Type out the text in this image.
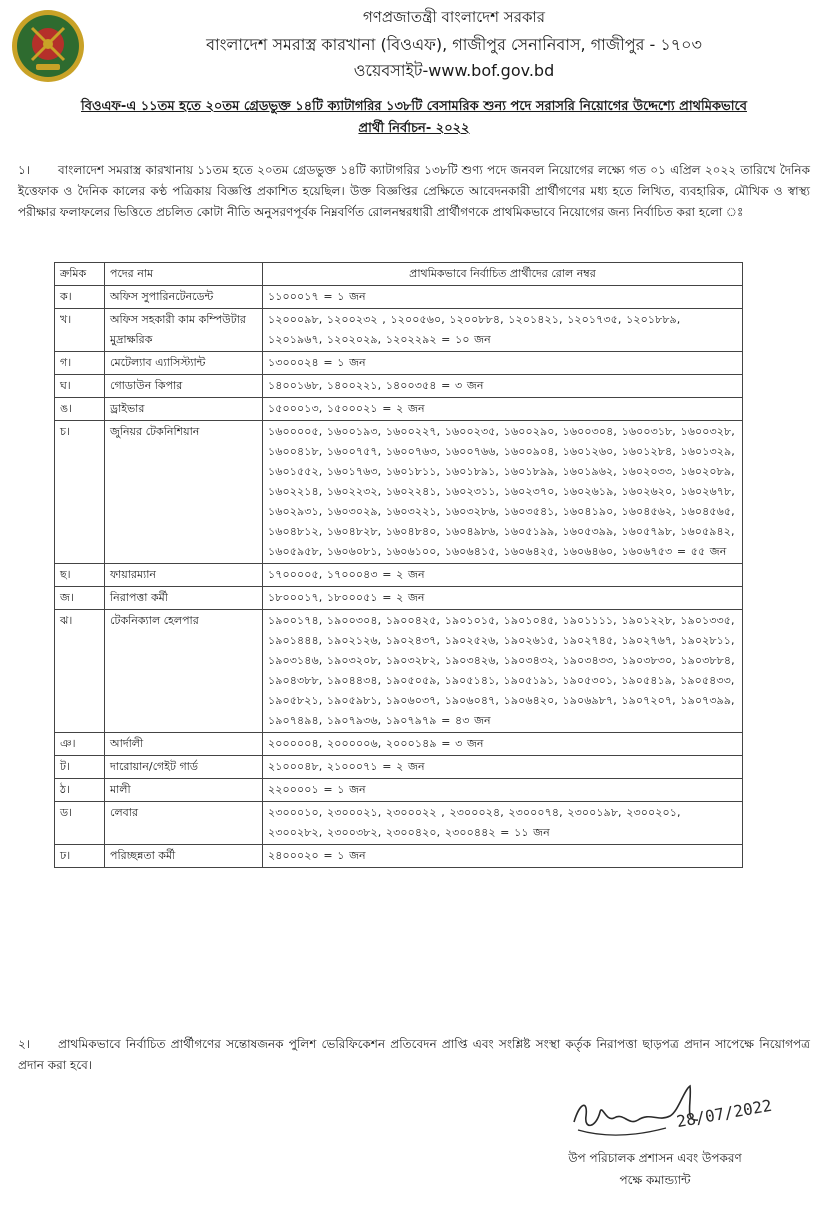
গণপ্রজাতন্ত্রী বাংলাদেশ সরকার
বাংলাদেশ সমরাস্ত্র কারখানা (বিওএফ), গাজীপুর সেনানিবাস, গাজীপুর - ১৭০৩
ওয়েবসাইট-www.bof.gov.bd
বিওএফ-এ ১১তম হতে ২০তম গ্রেডভুক্ত ১৪টি ক্যাটাগরির ১৩৮টি বেসামরিক শুন্য পদে সরাসরি নিয়োগের উদ্দেশ্যে প্রাথমিকভাবে
প্রার্থী নির্বাচন- ২০২২
১। বাংলাদেশ সমরাস্ত্র কারখানায় ১১তম হতে ২০তম গ্রেডভুক্ত ১৪টি ক্যাটাগরির ১৩৮টি শুণ্য পদে জনবল নিয়োগের লক্ষ্যে গত ০১ এপ্রিল ২০২২ তারিখে দৈনিক ইত্তেফাক ও দৈনিক কালের কণ্ঠ পত্রিকায় বিজ্ঞপ্তি প্রকাশিত হয়েছিল। উক্ত বিজ্ঞপ্তির প্রেক্ষিতে আবেদনকারী প্রার্থীগণের মধ্য হতে লিখিত, ব্যবহারিক, মৌখিক ও স্বাস্থ্য পরীক্ষার ফলাফলের ভিত্তিতে প্রচলিত কোটা নীতি অনুসরণপূর্বক নিম্নবর্ণিত রোলনম্বরধারী প্রার্থীগণকে প্রাথমিকভাবে নিয়োগের জন্য নির্বাচিত করা হলো ঃ
ক্রমিক	পদের নাম	প্রাথমিকভাবে নির্বাচিত প্রার্থীদের রোল নম্বর
ক।	অফিস সুপারিনটেনডেন্ট	১১০০০১৭ = ১ জন
খ।	অফিস সহকারী কাম কম্পিউটার মুদ্রাক্ষরিক	১২০০০৯৮, ১২০০২৩২ , ১২০০৫৬০, ১২০০৮৮৪, ১২০১৪২১, ১২০১৭৩৫, ১২০১৮৮৯, ১২০১৯৬৭, ১২০২০২৯, ১২০২২৯২ = ১০ জন
গ।	মেটেল্যাব এ্যাসিস্ট্যান্ট	১৩০০০২৪ = ১ জন
ঘ।	গোডাউন কিপার	১৪০০১৬৮, ১৪০০২২১, ১৪০০৩৫৪ = ৩ জন
ঙ।	ড্রাইভার	১৫০০০১৩, ১৫০০০২১ = ২ জন
চ।	জুনিয়র টেকনিশিয়ান	১৬০০০০৫, ১৬০০১৯৩, ১৬০০২২৭, ১৬০০২৩৫, ১৬০০২৯০, ১৬০০৩০৪, ১৬০০৩১৮, ১৬০০৩২৮, ১৬০০৪১৮, ১৬০০৭৫৭, ১৬০০৭৬৩, ১৬০০৭৬৬, ১৬০০৯০৪, ১৬০১২৬০, ১৬০১২৮৪, ১৬০১৩২৯, ১৬০১৫৫২, ১৬০১৭৬৩, ১৬০১৮১১, ১৬০১৮৯১, ১৬০১৮৯৯, ১৬০১৯৬২, ১৬০২০৩৩, ১৬০২০৮৯, ১৬০২২১৪, ১৬০২২৩২, ১৬০২২৪১, ১৬০২৩১১, ১৬০২৩৭০, ১৬০২৬১৯, ১৬০২৬২০, ১৬০২৬৭৮, ১৬০২৯৩১, ১৬০৩০২৯, ১৬০৩২২১, ১৬০৩২৮৬, ১৬০৩৫৪১, ১৬০৪১৯০, ১৬০৪৫৬২, ১৬০৪৫৬৫, ১৬০৪৮১২, ১৬০৪৮২৮, ১৬০৪৮৪০, ১৬০৪৯৮৬, ১৬০৫১৯৯, ১৬০৫৩৯৯, ১৬০৫৭৯৮, ১৬০৫৯৪২, ১৬০৫৯৫৮, ১৬০৬০৮১, ১৬০৬১০০, ১৬০৬৪১৫, ১৬০৬৪২৫, ১৬০৬৪৬০, ১৬০৬৭৫৩ = ৫৫ জন
ছ।	ফায়ারম্যান	১৭০০০০৫, ১৭০০০৪৩ = ২ জন
জ।	নিরাপত্তা কর্মী	১৮০০০১৭, ১৮০০০৫১ = ২ জন
ঝ।	টেকনিক্যাল হেলপার	১৯০০১৭৪, ১৯০০৩০৪, ১৯০০৪২৫, ১৯০১০১৫, ১৯০১০৪৫, ১৯০১১১১, ১৯০১২২৮, ১৯০১৩৩৫, ১৯০১৪৪৪, ১৯০২১২৬, ১৯০২৪৩৭, ১৯০২৫২৬, ১৯০২৬১৫, ১৯০২৭৪৫, ১৯০২৭৬৭, ১৯০২৮১১, ১৯০৩১৪৬, ১৯০৩২০৮, ১৯০৩২৮২, ১৯০৩৪২৬, ১৯০৩৪৩২, ১৯০৩৪৩৩, ১৯০৩৮৩০, ১৯০৩৮৮৪, ১৯০৪৩৮৮, ১৯০৪৪৩৪, ১৯০৫০৫৯, ১৯০৫১৪১, ১৯০৫১৯১, ১৯০৫৩০১, ১৯০৫৪১৯, ১৯০৫৪৩৩, ১৯০৫৮২১, ১৯০৫৯৮১, ১৯০৬০৩৭, ১৯০৬০৪৭, ১৯০৬৪২০, ১৯০৬৯৮৭, ১৯০৭২০৭, ১৯০৭৩৯৯, ১৯০৭৪৯৪, ১৯০৭৯৩৬, ১৯০৭৯৭৯ = ৪৩ জন
ঞ।	আর্দালী	২০০০০০৪, ২০০০০০৬, ২০০০১৪৯ = ৩ জন
ট।	দারোয়ান/গেইট গার্ড	২১০০০৪৮, ২১০০০৭১ = ২ জন
ঠ।	মালী	২২০০০০১ = ১ জন
ড।	লেবার	২৩০০০১০, ২৩০০০২১, ২৩০০০২২ , ২৩০০০২৪, ২৩০০০৭৪, ২৩০০১৯৮, ২৩০০২০১, ২৩০০২৮২, ২৩০০৩৮২, ২৩০০৪২০, ২৩০০৪৪২ = ১১ জন
ঢ।	পরিচ্ছন্নতা কর্মী	২৪০০০২০ = ১ জন
২। প্রাথমিকভাবে নির্বাচিত প্রার্থীগণের সন্তোষজনক পুলিশ ভেরিফিকেশন প্রতিবেদন প্রাপ্তি এবং সংশ্লিষ্ট সংস্থা কর্তৃক নিরাপত্তা ছাড়পত্র প্রদান সাপেক্ষে নিয়োগপত্র প্রদান করা হবে।
28/07/2022
উপ পরিচালক প্রশাসন এবং উপকরণ
পক্ষে কমান্ড্যান্ট
